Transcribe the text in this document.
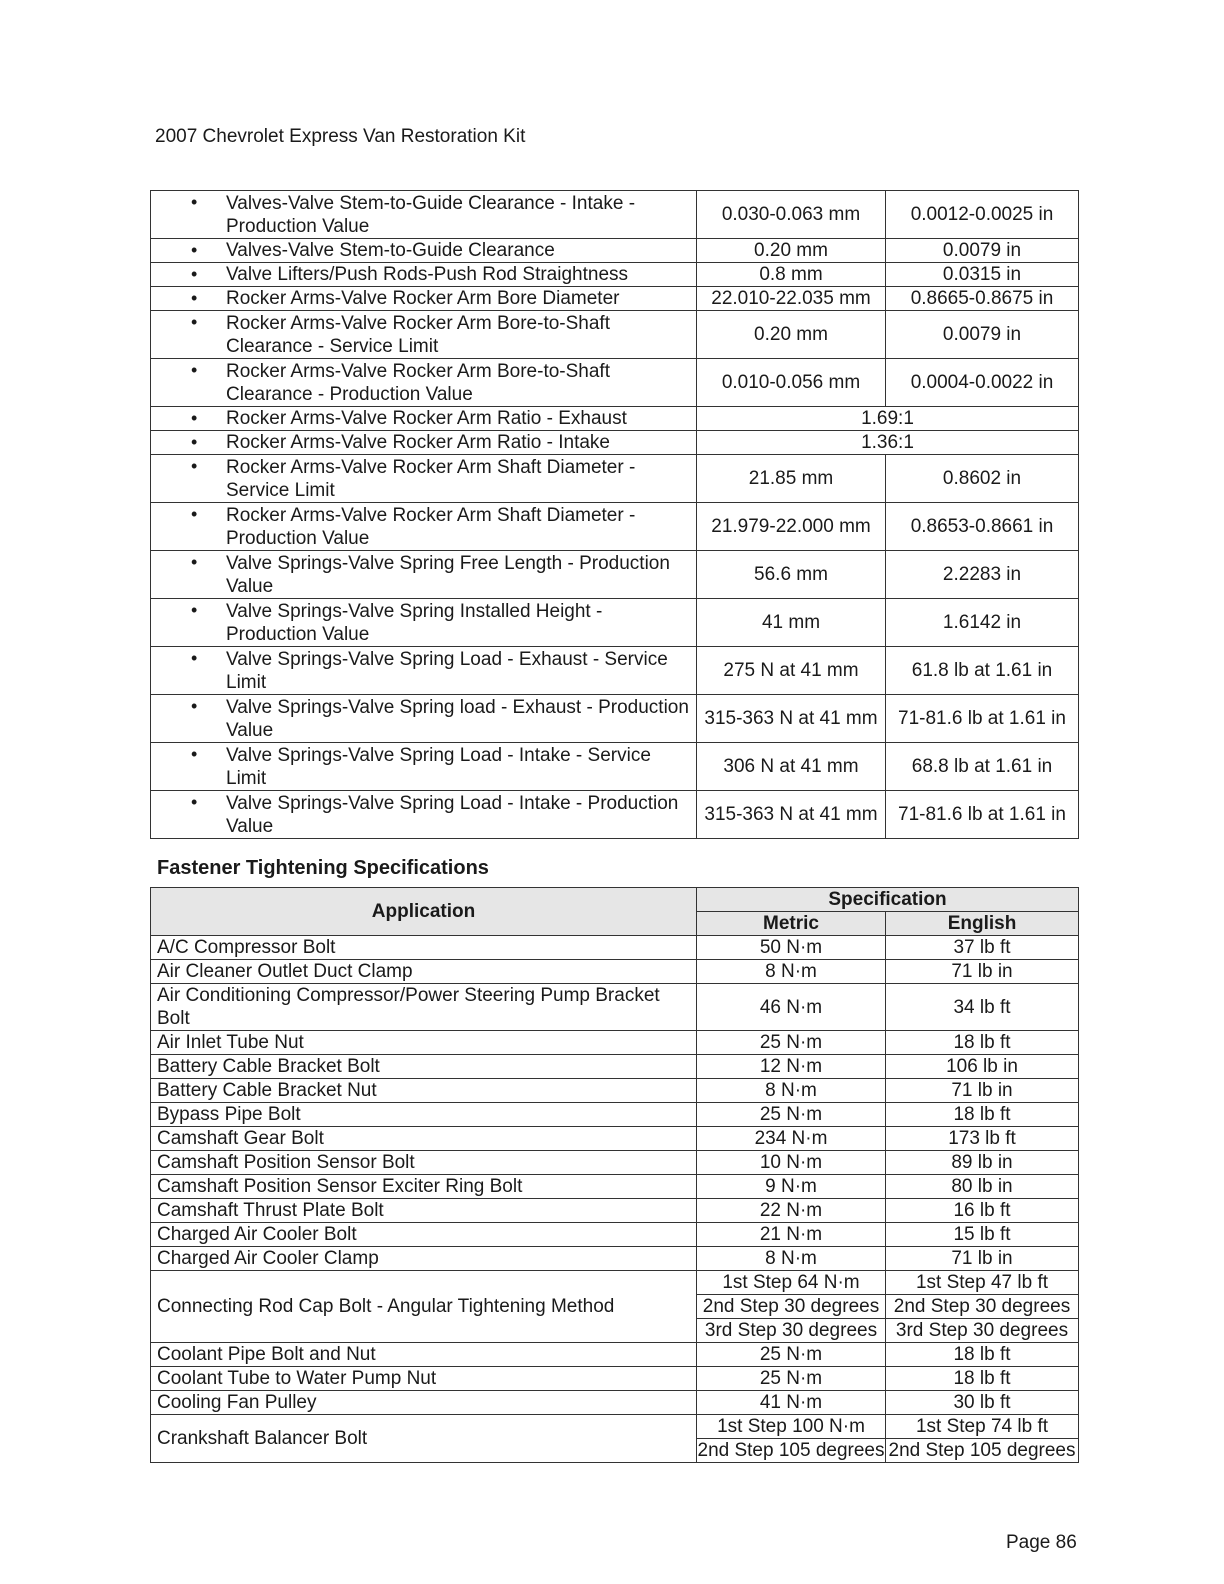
2007 Chevrolet Express Van Restoration Kit
• Valves-Valve Stem-to-Guide Clearance - Intake - Production Value	0.030-0.063 mm	0.0012-0.0025 in
• Valves-Valve Stem-to-Guide Clearance	0.20 mm	0.0079 in
• Valve Lifters/Push Rods-Push Rod Straightness	0.8 mm	0.0315 in
• Rocker Arms-Valve Rocker Arm Bore Diameter	22.010-22.035 mm	0.8665-0.8675 in
• Rocker Arms-Valve Rocker Arm Bore-to-Shaft Clearance - Service Limit	0.20 mm	0.0079 in
• Rocker Arms-Valve Rocker Arm Bore-to-Shaft Clearance - Production Value	0.010-0.056 mm	0.0004-0.0022 in
• Rocker Arms-Valve Rocker Arm Ratio - Exhaust	1.69:1	
• Rocker Arms-Valve Rocker Arm Ratio - Intake	1.36:1	
• Rocker Arms-Valve Rocker Arm Shaft Diameter - Service Limit	21.85 mm	0.8602 in
• Rocker Arms-Valve Rocker Arm Shaft Diameter - Production Value	21.979-22.000 mm	0.8653-0.8661 in
• Valve Springs-Valve Spring Free Length - Production Value	56.6 mm	2.2283 in
• Valve Springs-Valve Spring Installed Height - Production Value	41 mm	1.6142 in
• Valve Springs-Valve Spring Load - Exhaust - Service Limit	275 N at 41 mm	61.8 lb at 1.61 in
• Valve Springs-Valve Spring load - Exhaust - Production Value	315-363 N at 41 mm	71-81.6 lb at 1.61 in
• Valve Springs-Valve Spring Load - Intake - Service Limit	306 N at 41 mm	68.8 lb at 1.61 in
• Valve Springs-Valve Spring Load - Intake - Production Value	315-363 N at 41 mm	71-81.6 lb at 1.61 in
Fastener Tightening Specifications
Application	Specification	
	Metric	English
A/C Compressor Bolt	50 N·m	37 lb ft
Air Cleaner Outlet Duct Clamp	8 N·m	71 lb in
Air Conditioning Compressor/Power Steering Pump Bracket Bolt	46 N·m	34 lb ft
Air Inlet Tube Nut	25 N·m	18 lb ft
Battery Cable Bracket Bolt	12 N·m	106 lb in
Battery Cable Bracket Nut	8 N·m	71 lb in
Bypass Pipe Bolt	25 N·m	18 lb ft
Camshaft Gear Bolt	234 N·m	173 lb ft
Camshaft Position Sensor Bolt	10 N·m	89 lb in
Camshaft Position Sensor Exciter Ring Bolt	9 N·m	80 lb in
Camshaft Thrust Plate Bolt	22 N·m	16 lb ft
Charged Air Cooler Bolt	21 N·m	15 lb ft
Charged Air Cooler Clamp	8 N·m	71 lb in
Connecting Rod Cap Bolt - Angular Tightening Method	1st Step 64 N·m	1st Step 47 lb ft
	2nd Step 30 degrees	2nd Step 30 degrees
	3rd Step 30 degrees	3rd Step 30 degrees
Coolant Pipe Bolt and Nut	25 N·m	18 lb ft
Coolant Tube to Water Pump Nut	25 N·m	18 lb ft
Cooling Fan Pulley	41 N·m	30 lb ft
Crankshaft Balancer Bolt	1st Step 100 N·m	1st Step 74 lb ft
	2nd Step 105 degrees	2nd Step 105 degrees
Page 86
